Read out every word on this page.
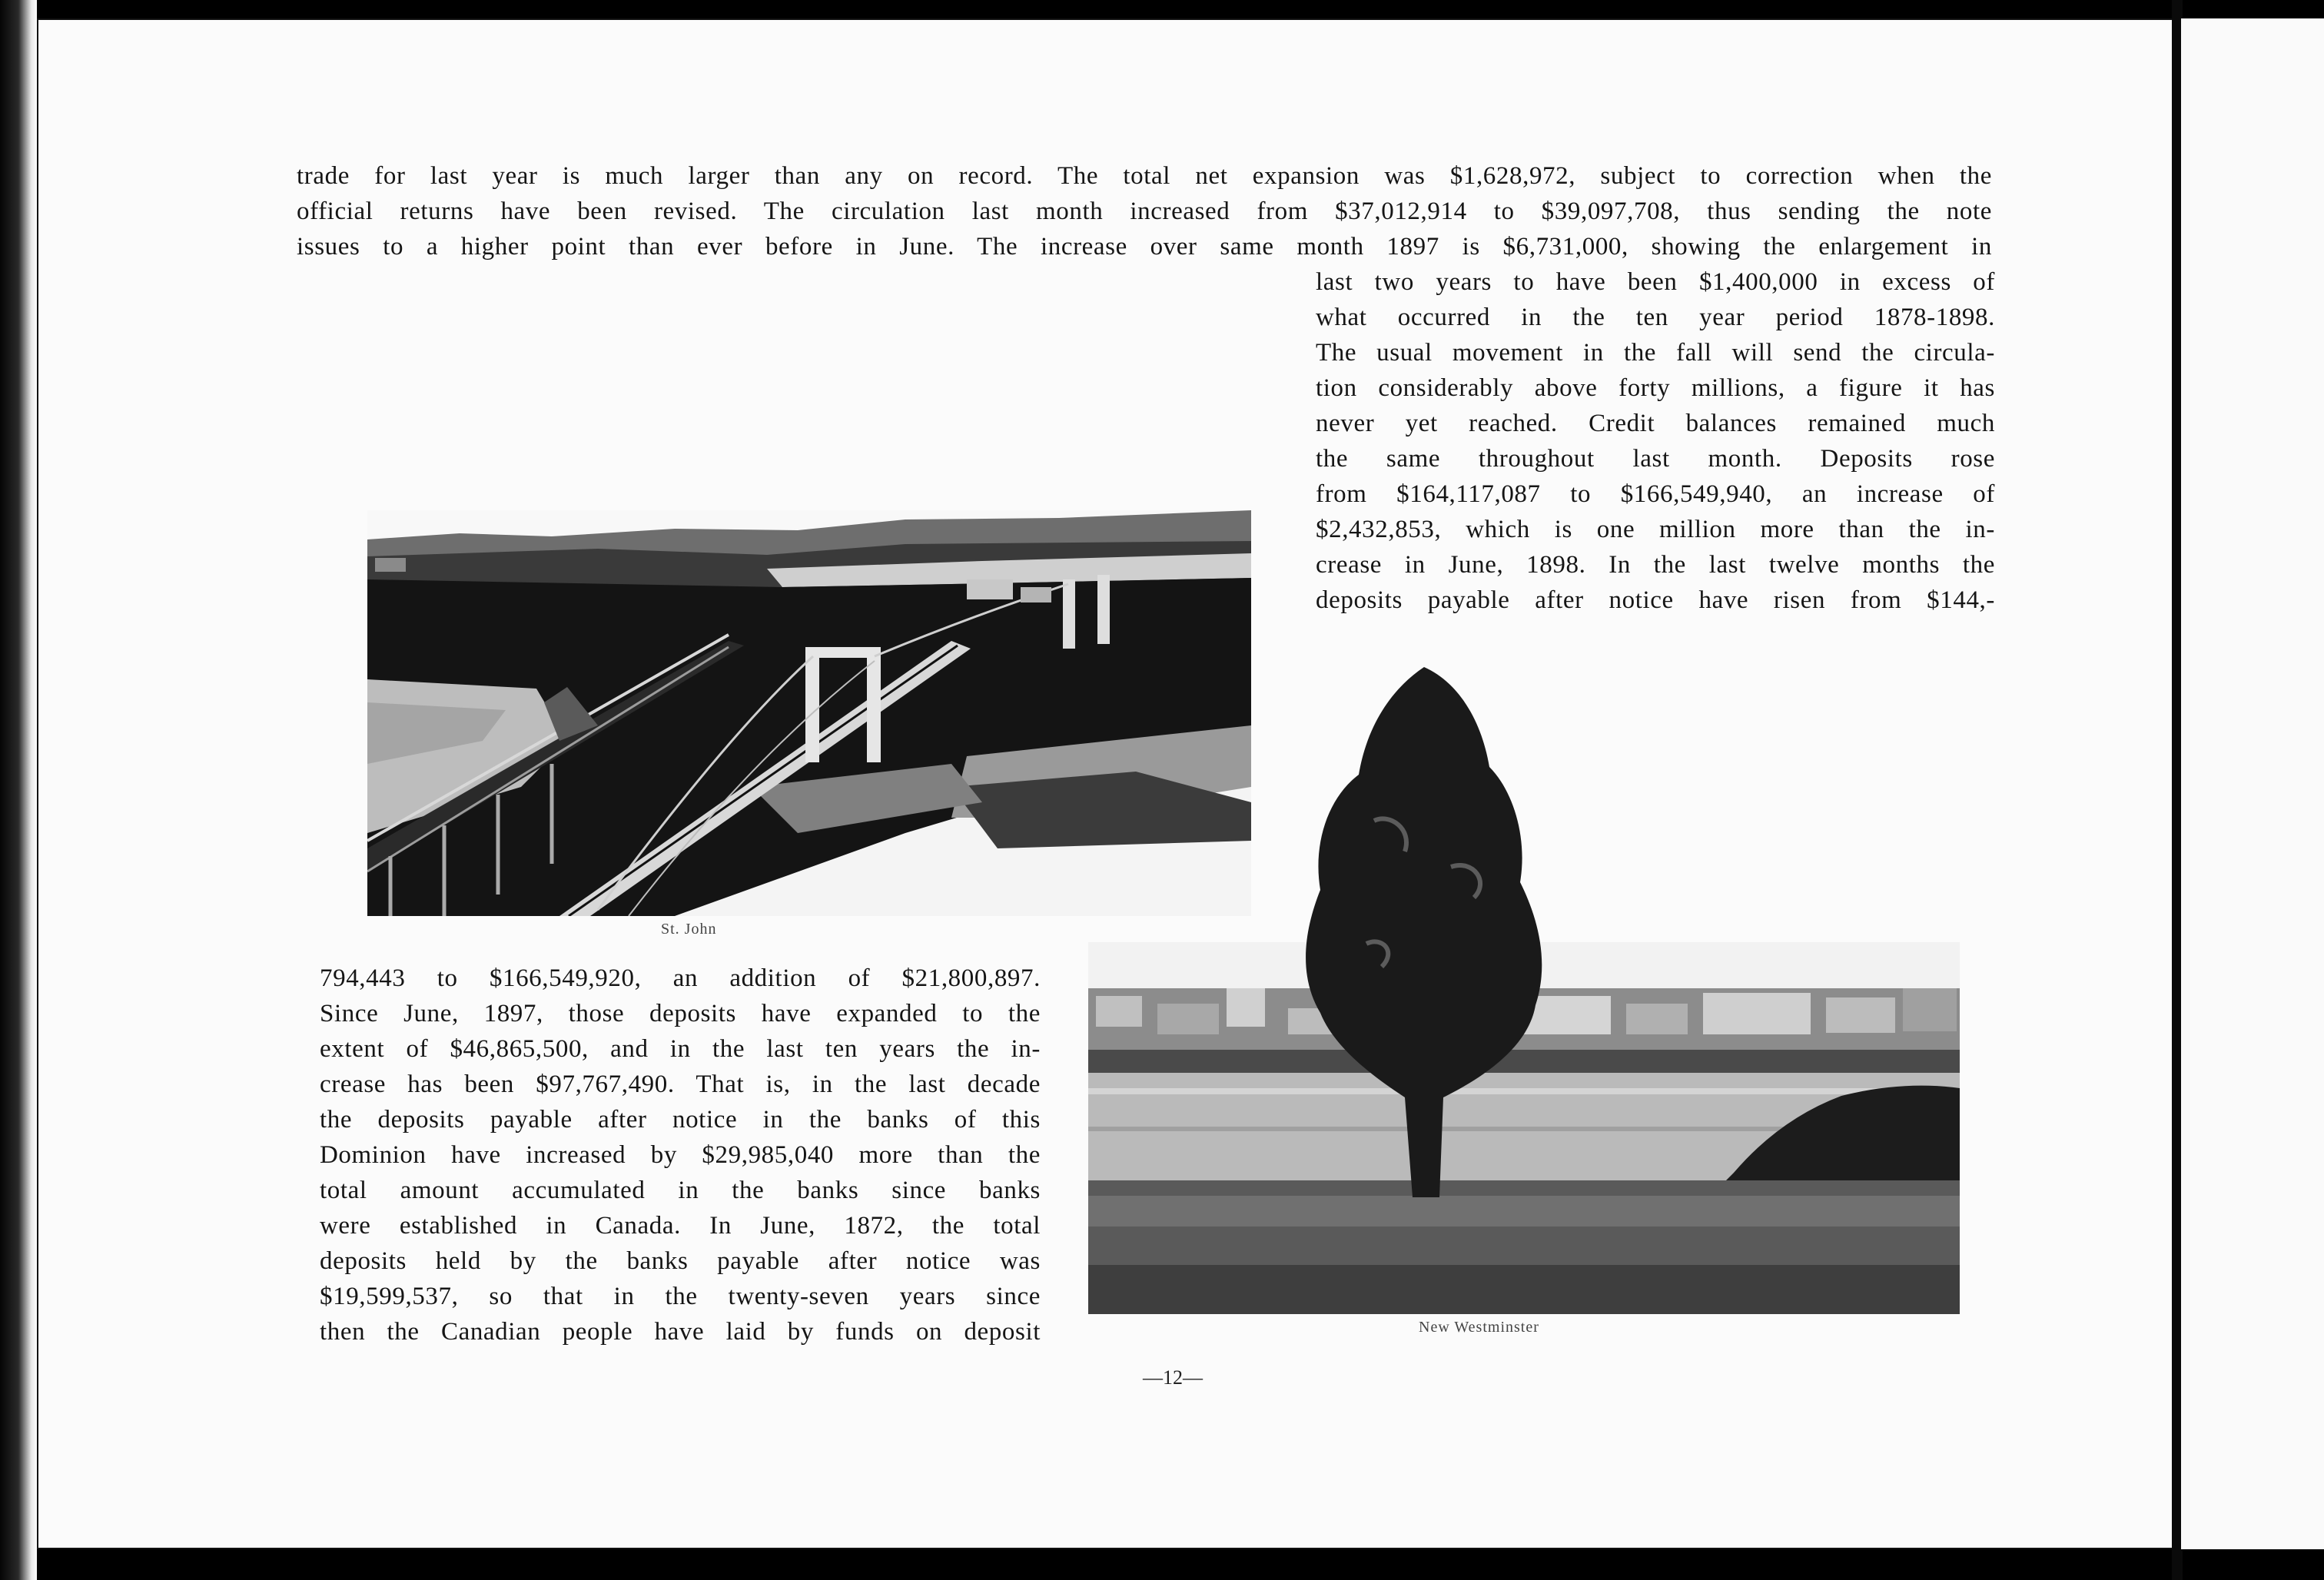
trade for last year is much larger than any on record. The total net expansion was $1,628,972, subject to correction when the
official returns have been revised. The circulation last month increased from $37,012,914 to $39,097,708, thus sending the note
issues to a higher point than ever before in June. The increase over same month 1897 is $6,731,000, showing the enlargement in
last two years to have been $1,400,000 in excess of
what occurred in the ten year period 1878-1898.
The usual movement in the fall will send the circula-
tion considerably above forty millions, a figure it has
never yet reached. Credit balances remained much
the same throughout last month. Deposits rose
from $164,117,087 to $166,549,940, an increase of
$2,432,853, which is one million more than the in-
crease in June, 1898. In the last twelve months the
deposits payable after notice have risen from $144,-
St. John
New Westminster
794,443 to $166,549,920, an addition of $21,800,897.
Since June, 1897, those deposits have expanded to the
extent of $46,865,500, and in the last ten years the in-
crease has been $97,767,490. That is, in the last decade
the deposits payable after notice in the banks of this
Dominion have increased by $29,985,040 more than the
total amount accumulated in the banks since banks
were established in Canada. In June, 1872, the total
deposits held by the banks payable after notice was
$19,599,537, so that in the twenty-seven years since
then the Canadian people have laid by funds on deposit
—12—
